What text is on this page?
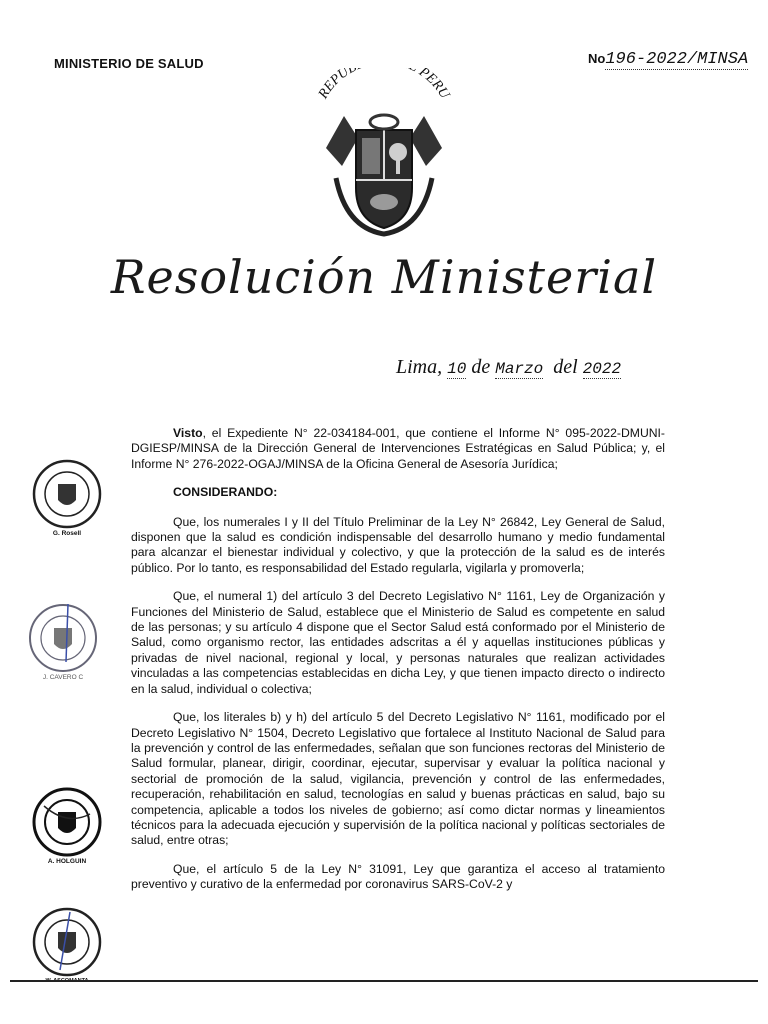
MINISTERIO DE SALUD	No196-2022/MINSA
REPUB PERU
Resolución Ministerial
Lima, 10 de Marzo del 2022
G. Rosell
J. CAVERO C
A. HOLGUIN

Visto, el Expediente N° 22-034184-001, que contiene el Informe N° 095-2022-DMUNI-DGIESP/MINSA de la Dirección General de Intervenciones Estratégicas en Salud Pública; y, el Informe N° 276-2022-OGAJ/MINSA de la Oficina General de Asesoría Jurídica;

CONSIDERANDO:

Que, los numerales I y II del Título Preliminar de la Ley N° 26842, Ley General de Salud, disponen que la salud es condición indispensable del desarrollo humano y medio fundamental para alcanzar el bienestar individual y colectivo, y que la protección de la salud es de interés público. Por lo tanto, es responsabilidad del Estado regularla, vigilarla y promoverla;

Que, el numeral 1) del artículo 3 del Decreto Legislativo N° 1161, Ley de Organización y Funciones del Ministerio de Salud, establece que el Ministerio de Salud es competente en salud de las personas; y su artículo 4 dispone que el Sector Salud está conformado por el Ministerio de Salud, como organismo rector, las entidades adscritas a él y aquellas instituciones públicas y privadas de nivel nacional, regional y local, y personas naturales que realizan actividades vinculadas a las competencias establecidas en dicha Ley, y que tienen impacto directo o indirecto en la salud, individual o colectiva;

Que, los literales b) y h) del artículo 5 del Decreto Legislativo N° 1161, modificado por el Decreto Legislativo N° 1504, Decreto Legislativo que fortalece al Instituto Nacional de Salud para la prevención y control de las enfermedades, señalan que son funciones rectoras del Ministerio de Salud formular, planear, dirigir, coordinar, ejecutar, supervisar y evaluar la política nacional y sectorial de promoción de la salud, vigilancia, prevención y control de las enfermedades, recuperación, rehabilitación en salud, tecnologías en salud y buenas prácticas en salud, bajo su competencia, aplicable a todos los niveles de gobierno; así como dictar normas y lineamientos técnicos para la adecuada ejecución y supervisión de la política nacional y políticas sectoriales de salud, entre otras;

Que, el artículo 5 de la Ley N° 31091, Ley que garantiza el acceso al tratamiento preventivo y curativo de la enfermedad por coronavirus SARS-CoV-2 y
